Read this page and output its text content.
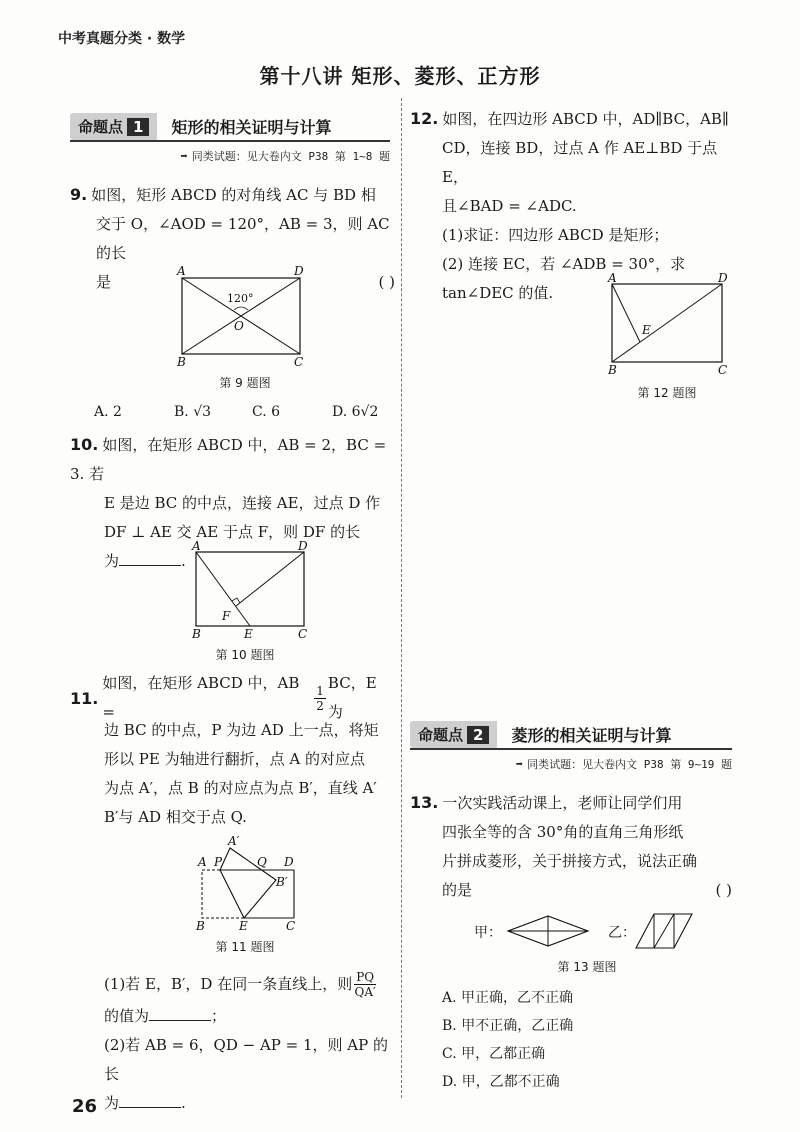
中考真题分类 · 数学
第十八讲 矩形、菱形、正方形
命题点 1	矩形的相关证明与计算
➡ 同类试题：见大卷内文 P38 第 1~8 题
9. 如图，矩形 ABCD 的对角线 AC 与 BD 相
交于 O，∠AOD = 120°，AB = 3，则 AC 的长
是	( )
A	D
B	C
O
120°
第 9 题图
A. 2	B. √3	C. 6	D. 6√2
10. 如图，在矩形 ABCD 中，AB = 2，BC = 3. 若
E 是边 BC 的中点，连接 AE，过点 D 作
DF ⊥ AE 交 AE 于点 F，则 DF 的长
为	.
A	D
B	C
E
F
第 10 题图
11.
如图，在矩形 ABCD 中，AB =	$\frac{1}{2}$
BC，E 为
边 BC 的中点，P 为边 AD 上一点，将矩
形以 PE 为轴进行翻折，点 A 的对应点
为点 A′，点 B 的对应点为点 B′，直线 A′
B′与 AD 相交于点 Q.
A′
A P	Q D
B′
B	E	C
第 11 题图
(1)若 E，B′，D 在同一条直线上，则 $\frac{PQ}{QA'}$
的值为	；
(2)若 AB = 6，QD − AP = 1，则 AP 的长
为	.
26
12. 如图，在四边形 ABCD 中，AD∥BC，AB∥
CD，连接 BD，过点 A 作 AE⊥BD 于点 E，
且∠BAD = ∠ADC.
(1)求证：四边形 ABCD 是矩形；
(2) 连接 EC，若 ∠ADB = 30°，求
tan∠DEC 的值.
A	D
B	C
E
第 12 题图
命题点 2	菱形的相关证明与计算
➡ 同类试题：见大卷内文 P38 第 9~19 题
13. 一次实践活动课上，老师让同学们用
四张全等的含 30°角的直角三角形纸
片拼成菱形，关于拼接方式，说法正确
的是	( )
甲：	乙：
第 13 题图
A. 甲正确，乙不正确
B. 甲不正确，乙正确
C. 甲，乙都正确
D. 甲，乙都不正确
